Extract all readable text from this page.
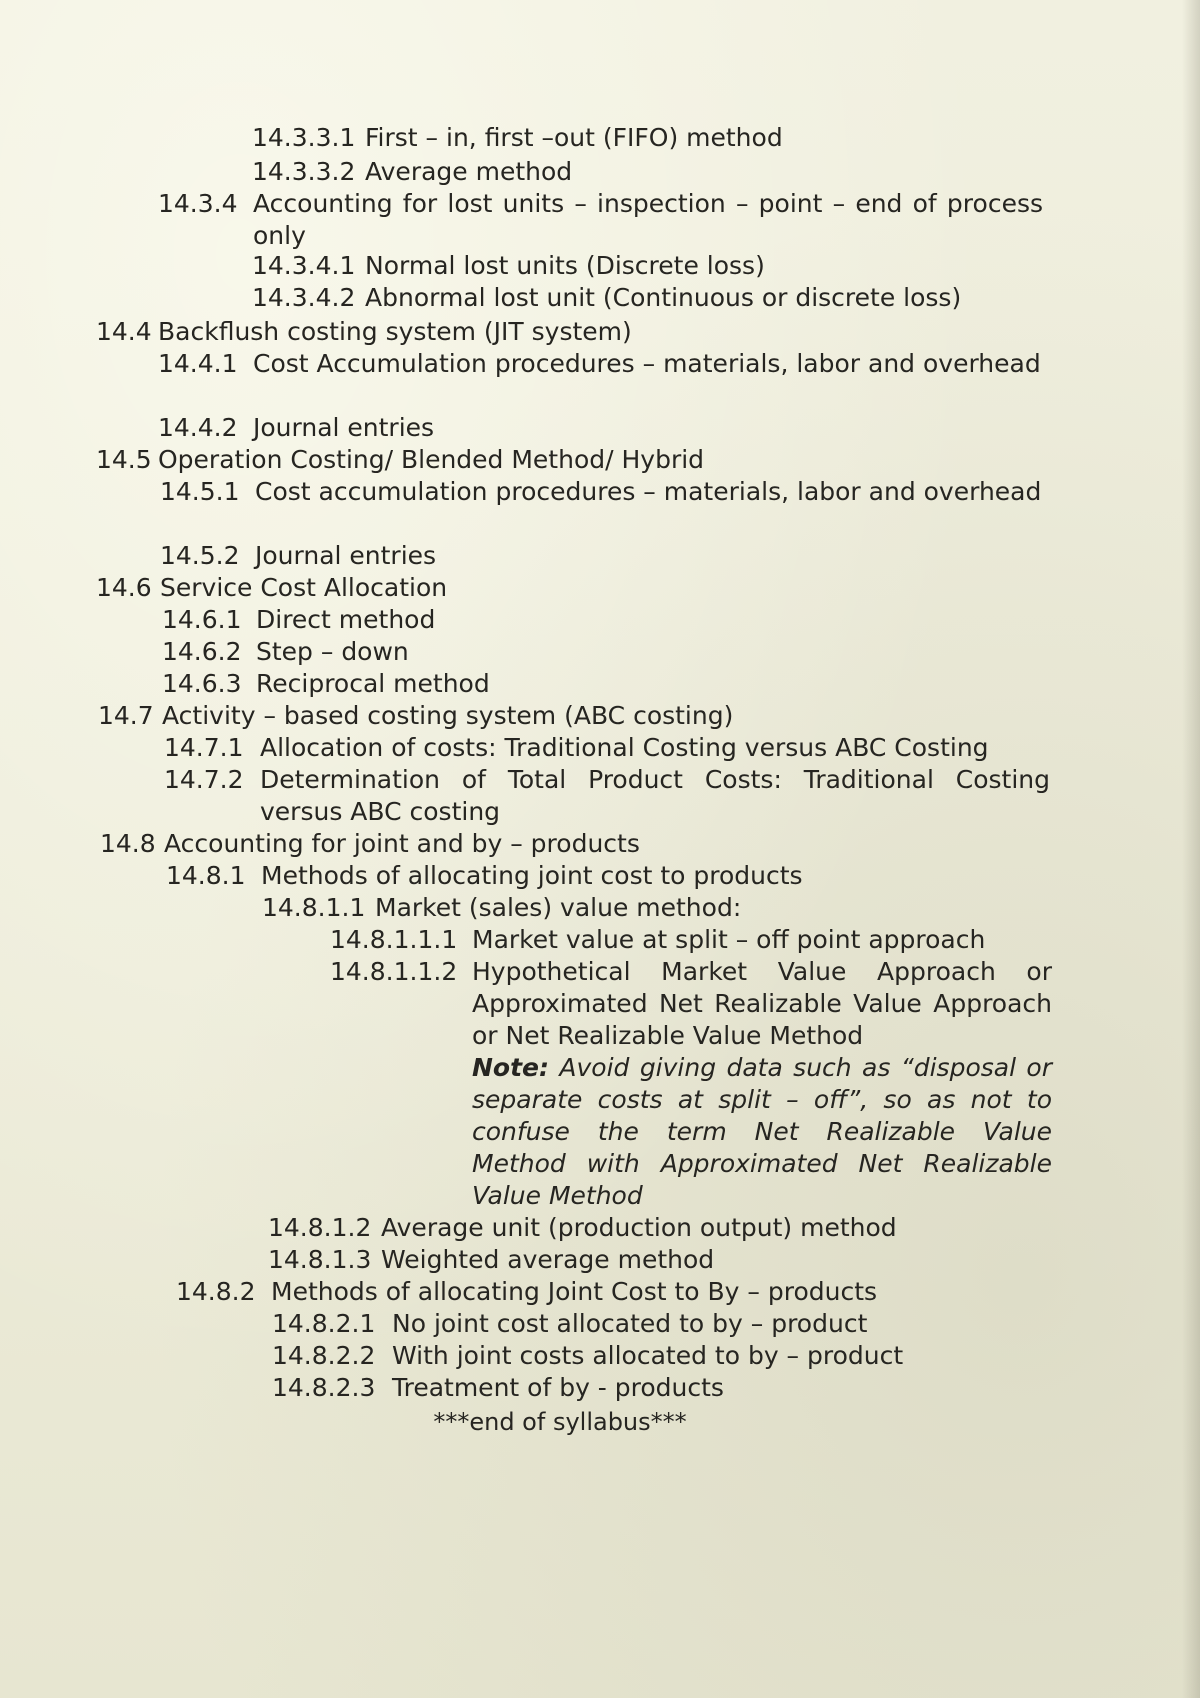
14.3.3.1 First – in, first –out (FIFO) method
14.3.3.2 Average method
14.3.4 Accounting for lost units – inspection – point – end of process only
14.3.4.1 Normal lost units (Discrete loss)
14.3.4.2 Abnormal lost unit (Continuous or discrete loss)
14.4 Backflush costing system (JIT system)
14.4.1 Cost Accumulation procedures – materials, labor and overhead
14.4.2 Journal entries
14.5 Operation Costing/ Blended Method/ Hybrid
14.5.1 Cost accumulation procedures – materials, labor and overhead
14.5.2 Journal entries
14.6 Service Cost Allocation
14.6.1 Direct method
14.6.2 Step – down
14.6.3 Reciprocal method
14.7 Activity – based costing system (ABC costing)
14.7.1 Allocation of costs: Traditional Costing versus ABC Costing
14.7.2 Determination of Total Product Costs: Traditional Costing versus ABC costing
14.8 Accounting for joint and by – products
14.8.1 Methods of allocating joint cost to products
14.8.1.1 Market (sales) value method:
14.8.1.1.1 Market value at split – off point approach
14.8.1.1.2 Hypothetical Market Value Approach or Approximated Net Realizable Value Approach or Net Realizable Value Method
Note: Avoid giving data such as “disposal or separate costs at split – off”, so as not to confuse the term Net Realizable Value Method with Approximated Net Realizable Value Method
14.8.1.2 Average unit (production output) method
14.8.1.3 Weighted average method
14.8.2 Methods of allocating Joint Cost to By – products
14.8.2.1 No joint cost allocated to by – product
14.8.2.2 With joint costs allocated to by – product
14.8.2.3 Treatment of by - products
***end of syllabus***
